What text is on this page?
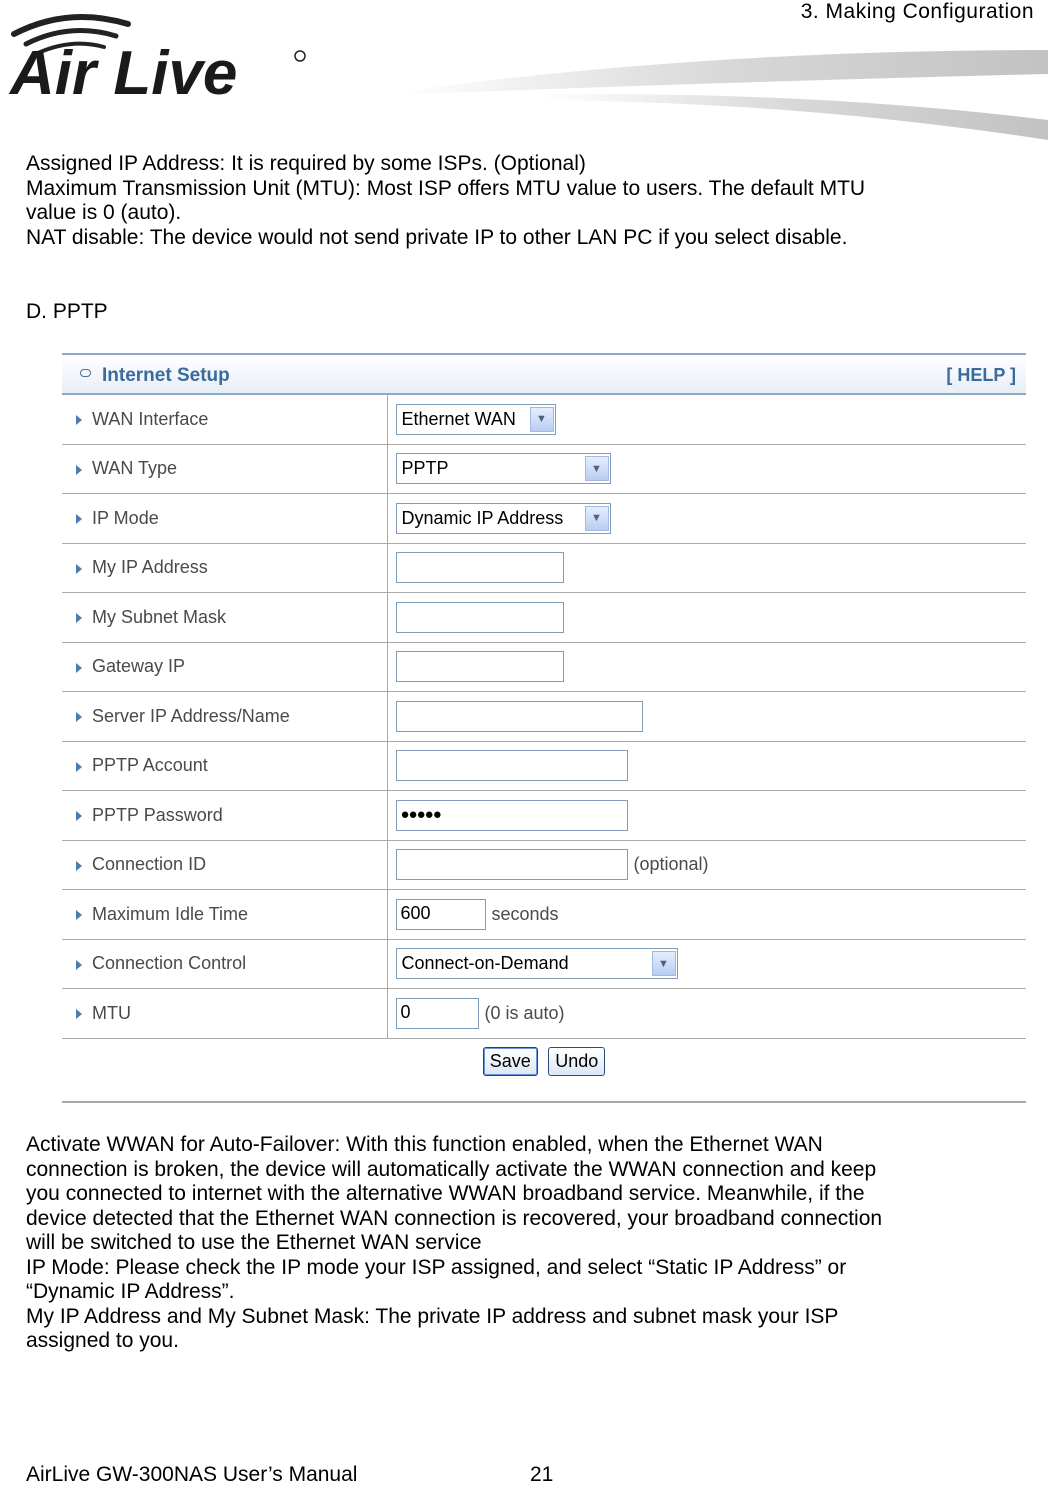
3. Making Configuration
Air Live
Assigned IP Address: It is required by some ISPs. (Optional)
Maximum Transmission Unit (MTU): Most ISP offers MTU value to users. The default MTU
value is 0 (auto).
NAT disable: The device would not send private IP to other LAN PC if you select disable.
D. PPTP
Internet Setup	[ HELP ]
WAN Interface	Ethernet WAN ▼

WAN Type	PPTP ▼

IP Mode	Dynamic IP Address ▼

My IP Address	
My Subnet Mask	
Gateway IP	
Server IP Address/Name	
PPTP Account	
PPTP Password	●●●●●
Connection ID	(optional)
Maximum Idle Time	600 seconds
Connection Control	Connect-on-Demand ▼

MTU	0 (0 is auto)
Save Undo
Activate WWAN for Auto-Failover: With this function enabled, when the Ethernet WAN
connection is broken, the device will automatically activate the WWAN connection and keep
you connected to internet with the alternative WWAN broadband service. Meanwhile, if the
device detected that the Ethernet WAN connection is recovered, your broadband connection
will be switched to use the Ethernet WAN service
IP Mode: Please check the IP mode your ISP assigned, and select “Static IP Address” or
“Dynamic IP Address”.
My IP Address and My Subnet Mask: The private IP address and subnet mask your ISP
assigned to you.
AirLive GW-300NAS User’s Manual	21
